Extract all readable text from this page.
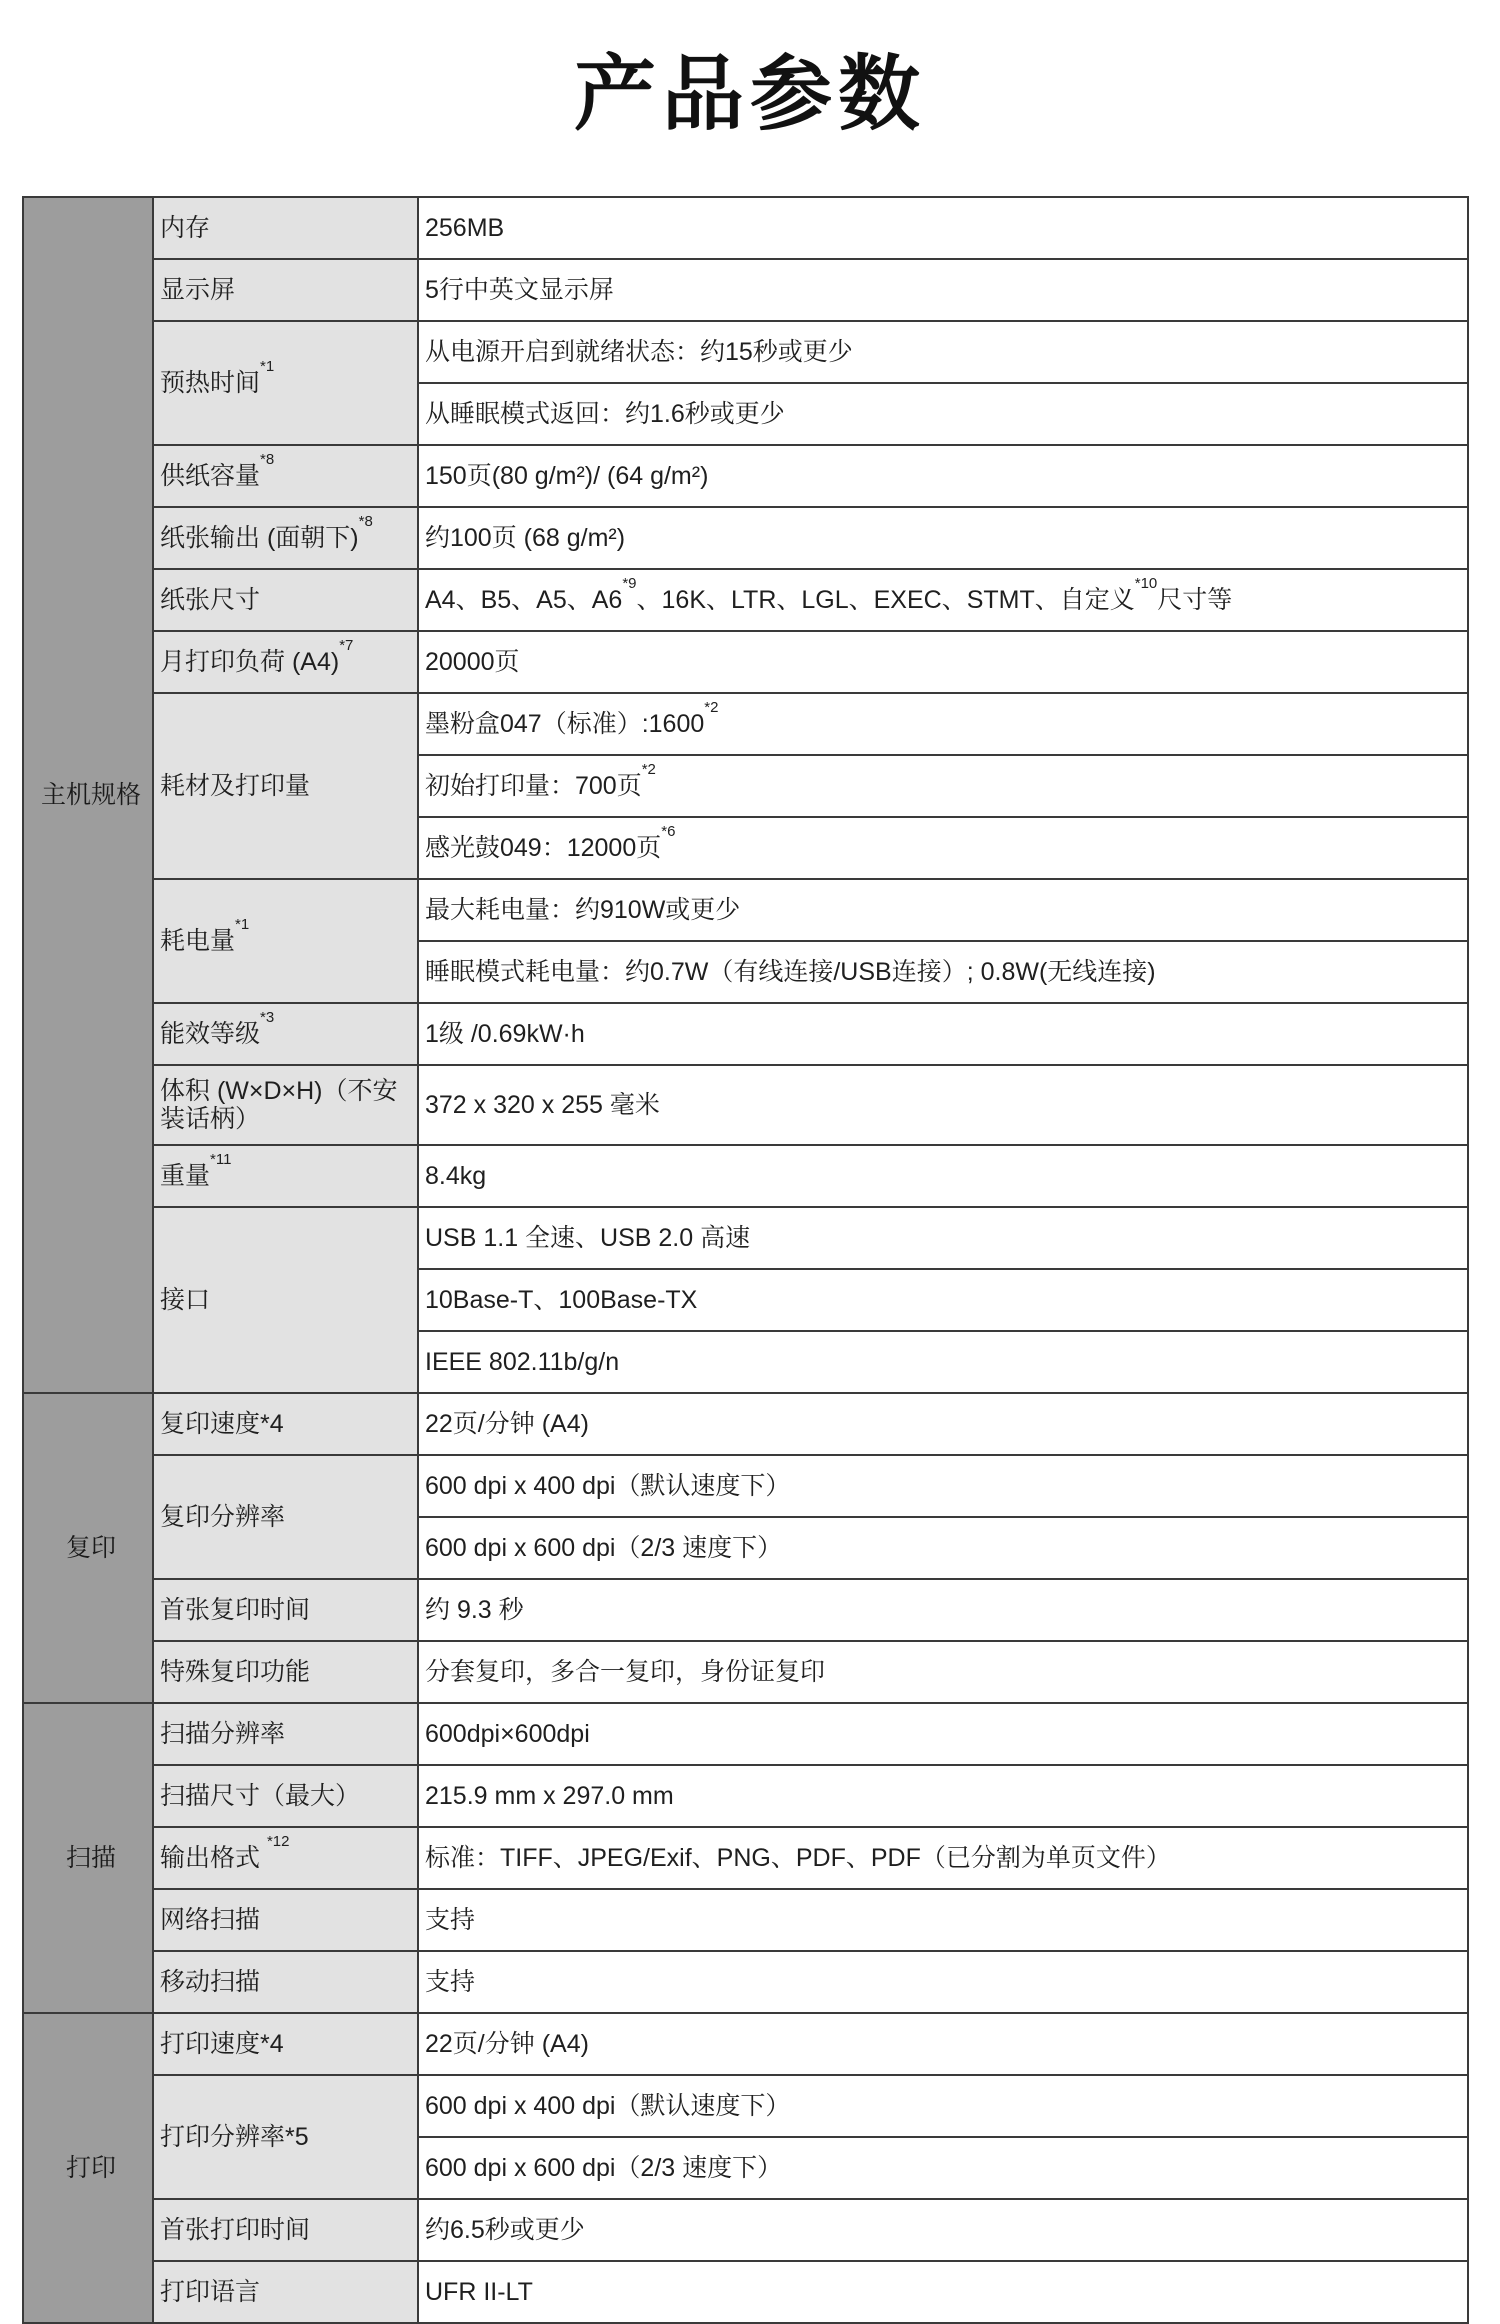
产品参数
主机规格	内存	256MB
	显示屏	5行中英文显示屏
	预热时间$^{*1}$	从电源开启到就绪状态：约15秒或更少
		从睡眠模式返回：约1.6秒或更少
	供纸容量$^{*8}$	150页(80 g/m²)/ (64 g/m²)
	纸张输出 (面朝下)$^{*8}$	约100页 (68 g/m²)
	纸张尺寸	A4、B5、A5、A6$^{*9}$、16K、LTR、LGL、EXEC、STMT、自定义$^{*10}$尺寸等
	月打印负荷 $(A4)^{*7}$	20000页
	耗材及打印量	墨粉盒047（标准）:1600$^{*2}$
		初始打印量：700页$^{*2}$
		感光鼓049：12000页$^{*6}$
	耗电量$^{*1}$	最大耗电量：约910W或更少
		睡眠模式耗电量：约0.7W（有线连接/USB连接）; 0.8W(无线连接)
	能效等级$^{*3}$	1级 /0.69kW·h
	体积 (W×D×H)（不安装话柄）	372 x 320 x 255 毫米
	重量$^{*11}$	8.4kg
	接口	USB 1.1 全速、USB 2.0 高速
		10Base-T、100Base-TX
		IEEE 802.11b/g/n
复印	复印速度*4	22页/分钟 (A4)
	复印分辨率	600 dpi x 400 dpi（默认速度下）
		600 dpi x 600 dpi（2/3 速度下）
	首张复印时间	约 9.3 秒
	特殊复印功能	分套复印，多合一复印，身份证复印
扫描	扫描分辨率	600dpi×600dpi
	扫描尺寸（最大）	215.9 mm x 297.0 mm
	输出格式 $^{*12}$	标准：TIFF、JPEG/Exif、PNG、PDF、PDF（已分割为单页文件）
	网络扫描	支持
	移动扫描	支持
打印	打印速度*4	22页/分钟 (A4)
	打印分辨率*5	600 dpi x 400 dpi（默认速度下）
		600 dpi x 600 dpi（2/3 速度下）
	首张打印时间	约6.5秒或更少
	打印语言	UFR II-LT
